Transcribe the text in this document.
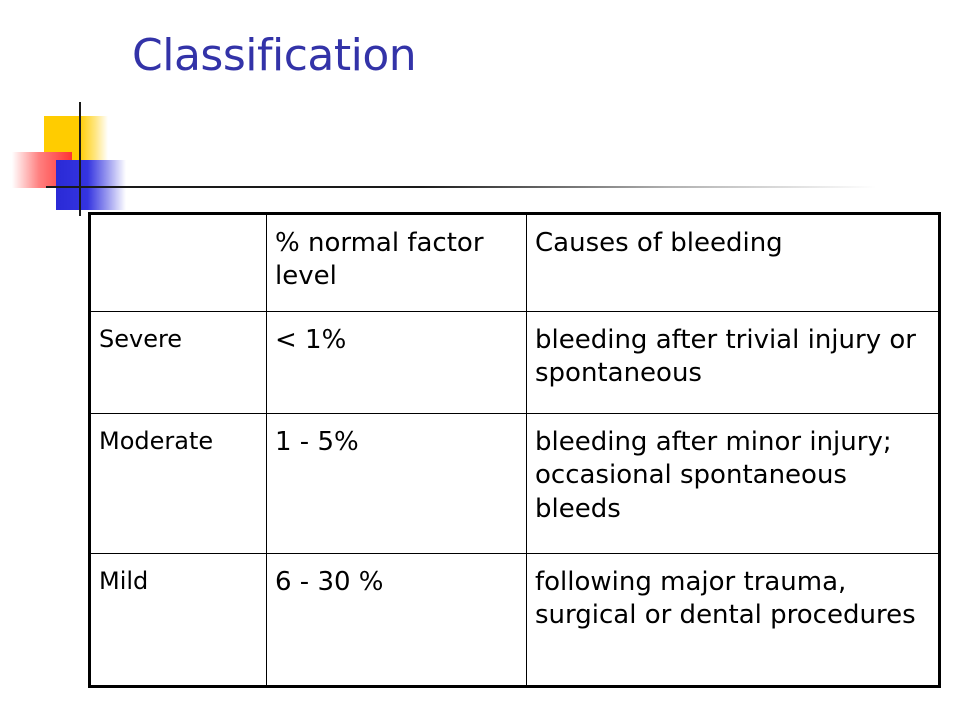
Classification
	% normal factor level	Causes of bleeding
Severe	< 1%	bleeding after trivial injury or spontaneous
Moderate	1 - 5%	bleeding after minor injury; occasional spontaneous bleeds
Mild	6 - 30 %	following major trauma, surgical or dental procedures
